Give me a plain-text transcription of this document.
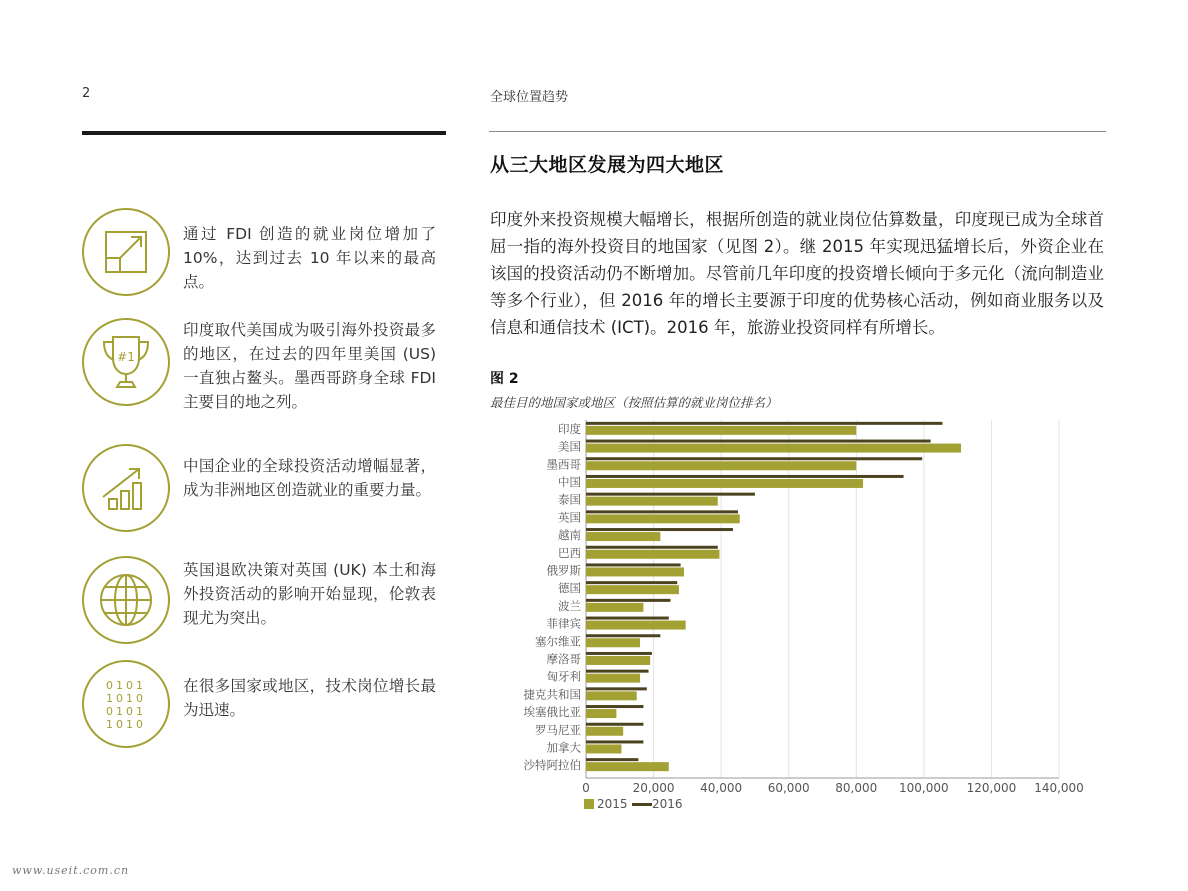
2	全球位置趋势
通过 FDI 创造的就业岗位增加了 10%，达到过去 10 年以来的最高点。
#1
印度取代美国成为吸引海外投资最多的地区，在过去的四年里美国 (US) 一直独占鳌头。墨西哥跻身全球 FDI 主要目的地之列。
中国企业的全球投资活动增幅显著，成为非洲地区创造就业的重要力量。
英国退欧决策对英国 (UK) 本土和海外投资活动的影响开始显现，伦敦表现尤为突出。
0101
1010
0101
1010
在很多国家或地区，技术岗位增长最为迅速。
从三大地区发展为四大地区
印度外来投资规模大幅增长，根据所创造的就业岗位估算数量，印度现已成为全球首屈一指的海外投资目的地国家（见图 2）。继 2015 年实现迅猛增长后，外资企业在该国的投资活动仍不断增加。尽管前几年印度的投资增长倾向于多元化（流向制造业等多个行业），但 2016 年的增长主要源于印度的优势核心活动，例如商业服务以及信息和通信技术 (ICT)。2016 年，旅游业投资同样有所增长。
图 2
最佳目的地国家或地区（按照估算的就业岗位排名）
0	20,000 40,000 60,000 80,000 100,000 120,000 140,000
印度
美国
墨西哥
中国
泰国
英国
越南
巴西
俄罗斯
德国
波兰
菲律宾
塞尔维亚
摩洛哥
匈牙利
捷克共和国
埃塞俄比亚
罗马尼亚
加拿大
沙特阿拉伯
2015 2016
www.useit.com.cn
